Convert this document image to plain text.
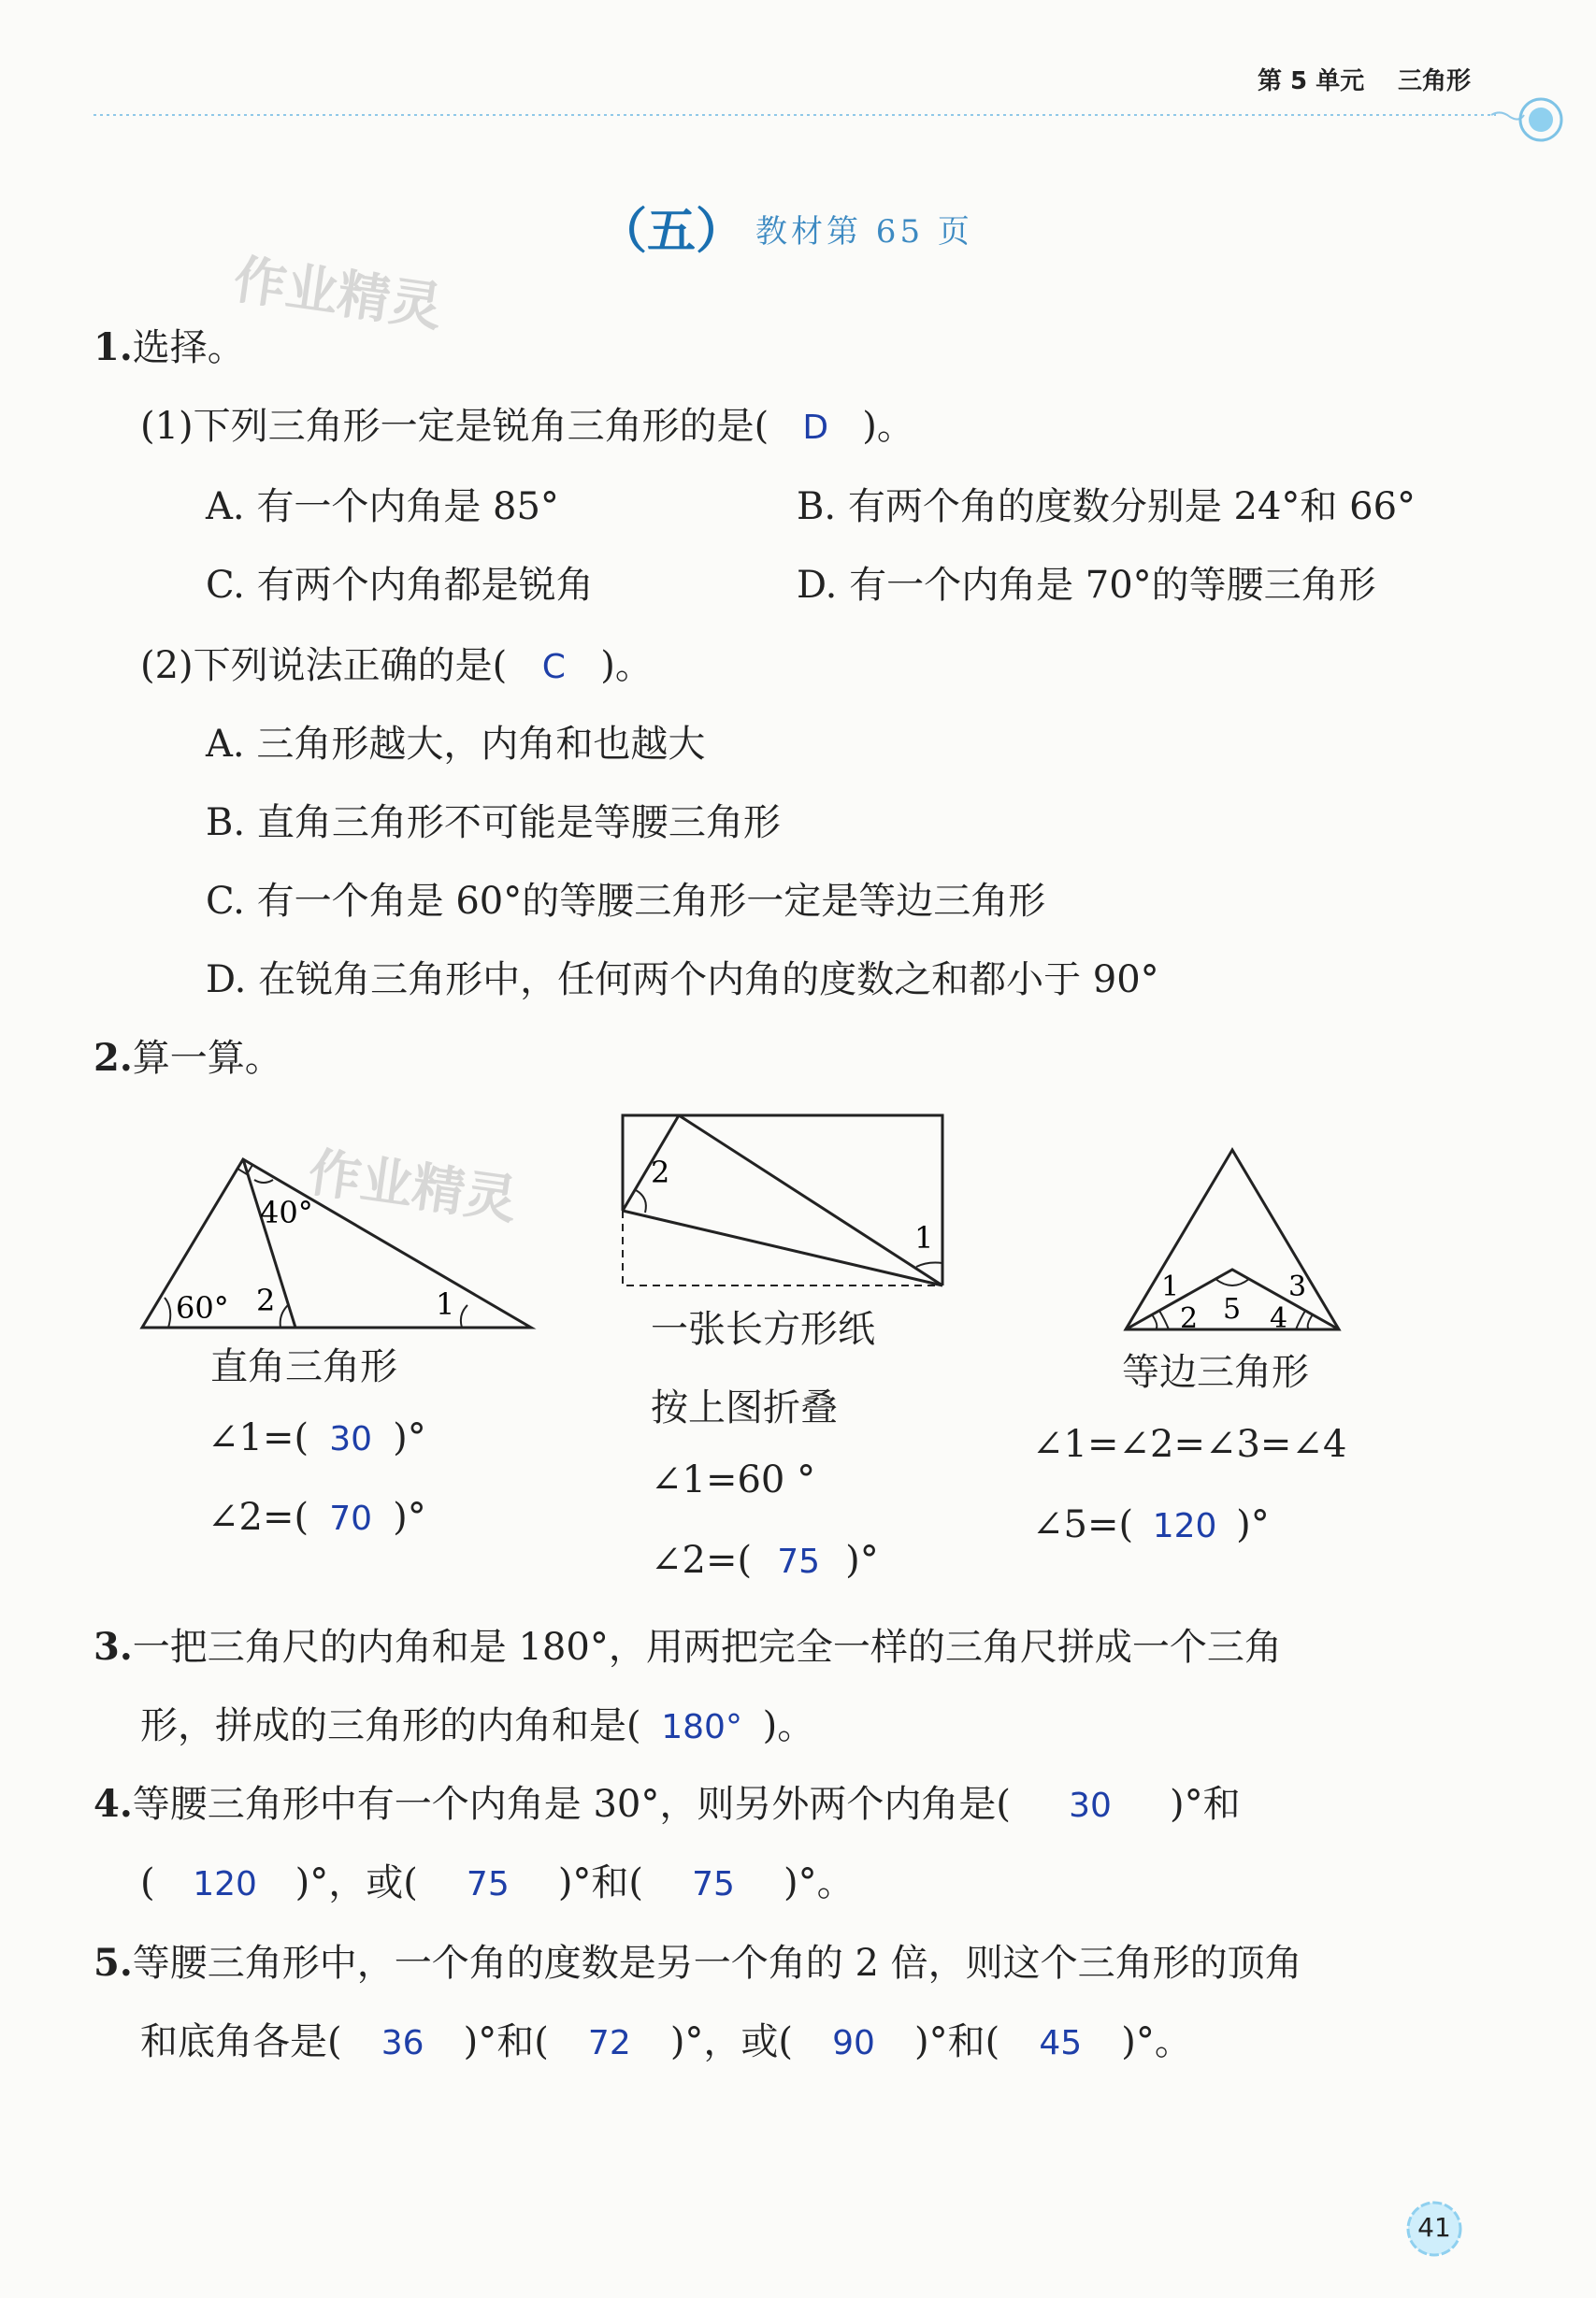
第 5 单元 三角形
（五） 教材第 65 页
作业精灵
作业精灵
1.选择。
(1)下列三角形一定是锐角三角形的是( D )。
A. 有一个内角是 85°	B. 有两个角的度数分别是 24°和 66°
C. 有两个内角都是锐角	D. 有一个内角是 70°的等腰三角形
(2)下列说法正确的是( C )。
A. 三角形越大，内角和也越大
B. 直角三角形不可能是等腰三角形
C. 有一个角是 60°的等腰三角形一定是等边三角形
D. 在锐角三角形中，任何两个内角的度数之和都小于 90°
2.算一算。
40°
60° 2	1
直角三角形
∠1=( 30 )°
∠2=( 70 )°
2
1
一张长方形纸
按上图折叠
∠1=60 °
∠2=( 75 )°
1
2
3
4
5
等边三角形
∠1=∠2=∠3=∠4
∠5=( 120 )°
3.一把三角尺的内角和是 180°，用两把完全一样的三角尺拼成一个三角
形，拼成的三角形的内角和是( 180° )。
4.等腰三角形中有一个内角是 30°，则另外两个内角是( 30 )°和
( 120 )°，或( 75 )°和( 75 )°。
5.等腰三角形中，一个角的度数是另一个角的 2 倍，则这个三角形的顶角
和底角各是( 36 )°和( 72 )°，或( 90 )°和( 45 )°。
41
